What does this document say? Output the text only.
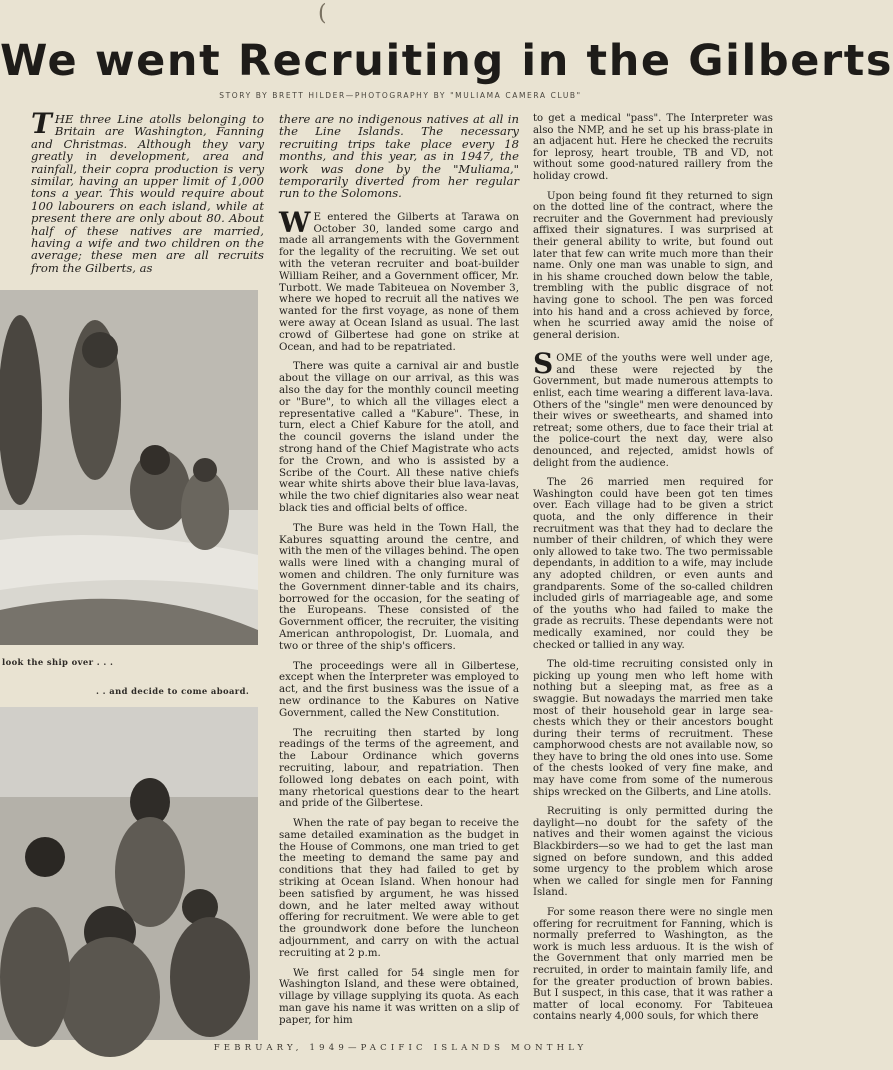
(
We went Recruiting in the Gilberts
STORY BY BRETT HILDER—PHOTOGRAPHY BY "MULIAMA CAMERA CLUB"

THE three Line atolls belonging to Britain are Washington, Fanning and Christmas. Although they vary greatly in development, area and rainfall, their copra production is very similar, having an upper limit of 1,000 tons a year. This would require about 100 labourers on each island, while at present there are only about 80. About half of these natives are married, having a wife and two children on the average; these men are all recruits from the Gilberts, as

look the ship over . . .
. . and decide to come aboard.

there are no indigenous natives at all in the Line Islands. The necessary recruiting trips take place every 18 months, and this year, as in 1947, the work was done by the "Muliama," temporarily diverted from her regular run to the Solomons.

W E entered the Gilberts at Tarawa on October 30, landed some cargo and made all arrangements with the Government for the legality of the recruiting. We set out with the veteran recruiter and boat-builder William Reiher, and a Government officer, Mr. Turbott. We made Tabiteuea on November 3, where we hoped to recruit all the natives we wanted for the first voyage, as none of them were away at Ocean Island as usual. The last crowd of Gilbertese had gone on strike at Ocean, and had to be repatriated.

There was quite a carnival air and bustle about the village on our arrival, as this was also the day for the monthly council meeting or "Bure", to which all the villages elect a representative called a "Kabure". These, in turn, elect a Chief Kabure for the atoll, and the council governs the island under the strong hand of the Chief Magistrate who acts for the Crown, and who is assisted by a Scribe of the Court. All these native chiefs wear white shirts above their blue lava-lavas, while the two chief dignitaries also wear neat black ties and official belts of office.

The Bure was held in the Town Hall, the Kabures squatting around the centre, and with the men of the villages behind. The open walls were lined with a changing mural of women and children. The only furniture was the Government dinner-table and its chairs, borrowed for the occasion, for the seating of the Europeans. These consisted of the Government officer, the recruiter, the visiting American anthropologist, Dr. Luomala, and two or three of the ship's officers.

The proceedings were all in Gilbertese, except when the Interpreter was employed to act, and the first business was the issue of a new ordinance to the Kabures on Native Government, called the New Constitution.

The recruiting then started by long readings of the terms of the agreement, and the Labour Ordinance which governs recruiting, labour, and repatriation. Then followed long debates on each point, with many rhetorical questions dear to the heart and pride of the Gilbertese.

When the rate of pay began to receive the same detailed examination as the budget in the House of Commons, one man tried to get the meeting to demand the same pay and conditions that they had failed to get by striking at Ocean Island. When honour had been satisfied by argument, he was hissed down, and he later melted away without offering for recruitment. We were able to get the groundwork done before the luncheon adjournment, and carry on with the actual recruiting at 2 p.m.

We first called for 54 single men for Washington Island, and these were obtained, village by village supplying its quota. As each man gave his name it was written on a slip of paper, for him

to get a medical "pass". The Interpreter was also the NMP, and he set up his brass-plate in an adjacent hut. Here he checked the recruits for leprosy, heart trouble, TB and VD, not without some good-natured raillery from the holiday crowd.

Upon being found fit they returned to sign on the dotted line of the contract, where the recruiter and the Government had previously affixed their signatures. I was surprised at their general ability to write, but found out later that few can write much more than their name. Only one man was unable to sign, and in his shame crouched down below the table, trembling with the public disgrace of not having gone to school. The pen was forced into his hand and a cross achieved by force, when he scurried away amid the noise of general derision.

SOME of the youths were well under age, and these were rejected by the Government, but made numerous attempts to enlist, each time wearing a different lava-lava. Others of the "single" men were denounced by their wives or sweethearts, and shamed into retreat; some others, due to face their trial at the police-court the next day, were also denounced, and rejected, amidst howls of delight from the audience.

The 26 married men required for Washington could have been got ten times over. Each village had to be given a strict quota, and the only difference in their recruitment was that they had to declare the number of their children, of which they were only allowed to take two. The two permissable dependants, in addition to a wife, may include any adopted children, or even aunts and grandparents. Some of the so-called children included girls of marriageable age, and some of the youths who had failed to make the grade as recruits. These dependants were not medically examined, nor could they be checked or tallied in any way.

The old-time recruiting consisted only in picking up young men who left home with nothing but a sleeping mat, as free as a swaggie. But nowadays the married men take most of their household gear in large sea-chests which they or their ancestors bought during their terms of recruitment. These camphorwood chests are not available now, so they have to bring the old ones into use. Some of the chests looked of very fine make, and may have come from some of the numerous ships wrecked on the Gilberts, and Line atolls.

Recruiting is only permitted during the daylight—no doubt for the safety of the natives and their women against the vicious Blackbirders—so we had to get the last man signed on before sundown, and this added some urgency to the problem which arose when we called for single men for Fanning Island.

For some reason there were no single men offering for recruitment for Fanning, which is normally preferred to Washington, as the work is much less arduous. It is the wish of the Government that only married men be recruited, in order to maintain family life, and for the greater production of brown babies. But I suspect, in this case, that it was rather a matter of local economy. For Tabiteuea contains nearly 4,000 souls, for which there

FEBRUARY, 1949—PACIFIC ISLANDS MONTHLY
